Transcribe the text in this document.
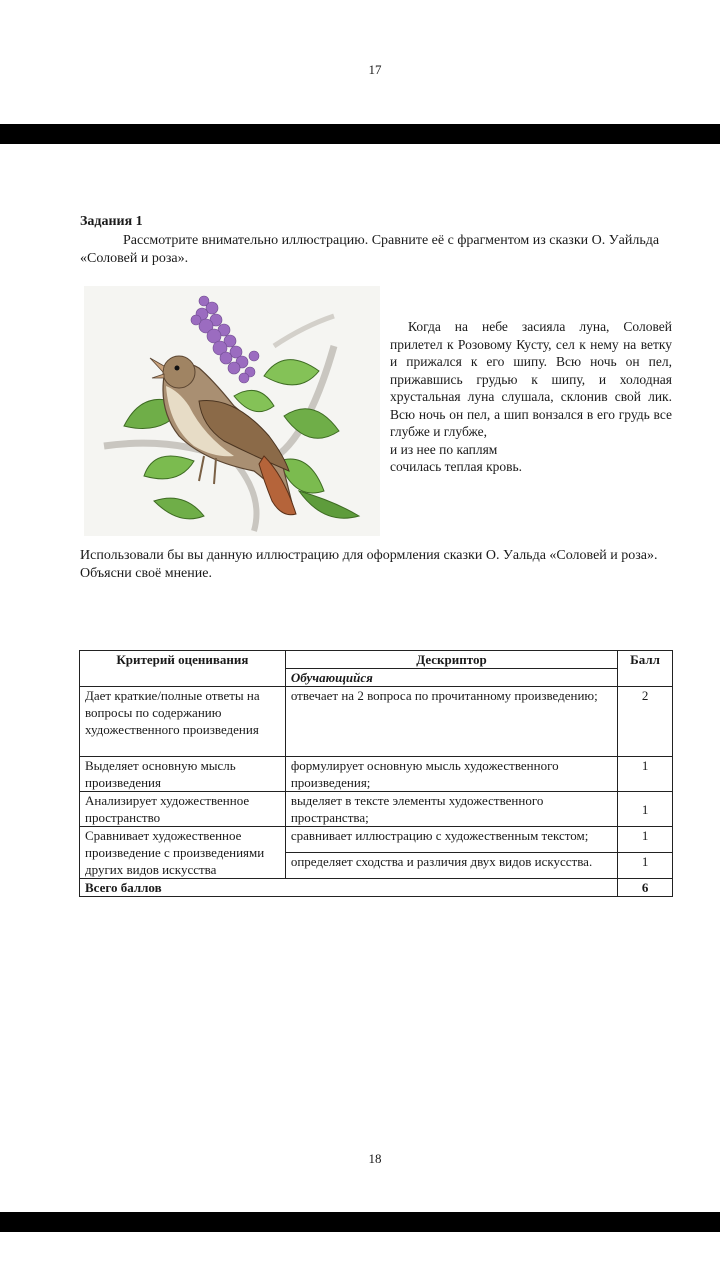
17
Задания 1
Рассмотрите внимательно иллюстрацию. Сравните её с фрагментом из сказки О. Уайльда «Соловей и роза».
Когда на небе засияла луна, Соловей прилетел к Розовому Кусту, сел к нему на ветку и прижался к его шипу. Всю ночь он пел, прижавшись грудью к шипу, и холодная хрустальная луна слушала, склонив свой лик. Всю ночь он пел, а шип вонзался в его грудь все глубже и глубже,
и из нее по каплям
сочилась теплая кровь.
Использовали бы вы данную иллюстрацию для оформления сказки О. Уальда «Соловей и роза». Объясни своё мнение.
Критерий оценивания	Дескриптор	Балл
	Обучающийся	
Дает краткие/полные ответы на вопросы по содержанию художественного произведения	отвечает на 2 вопроса по прочитанному произведению;	2
Выделяет основную мысль произведения	формулирует основную мысль художественного произведения;	1
Анализирует художественное пространство	выделяет в тексте элементы художественного пространства;	1
Сравнивает художественное произведение с произведениями других видов искусства	сравнивает иллюстрацию с художественным текстом;	1
	определяет сходства и различия двух видов искусства.	1
Всего баллов		6
18
